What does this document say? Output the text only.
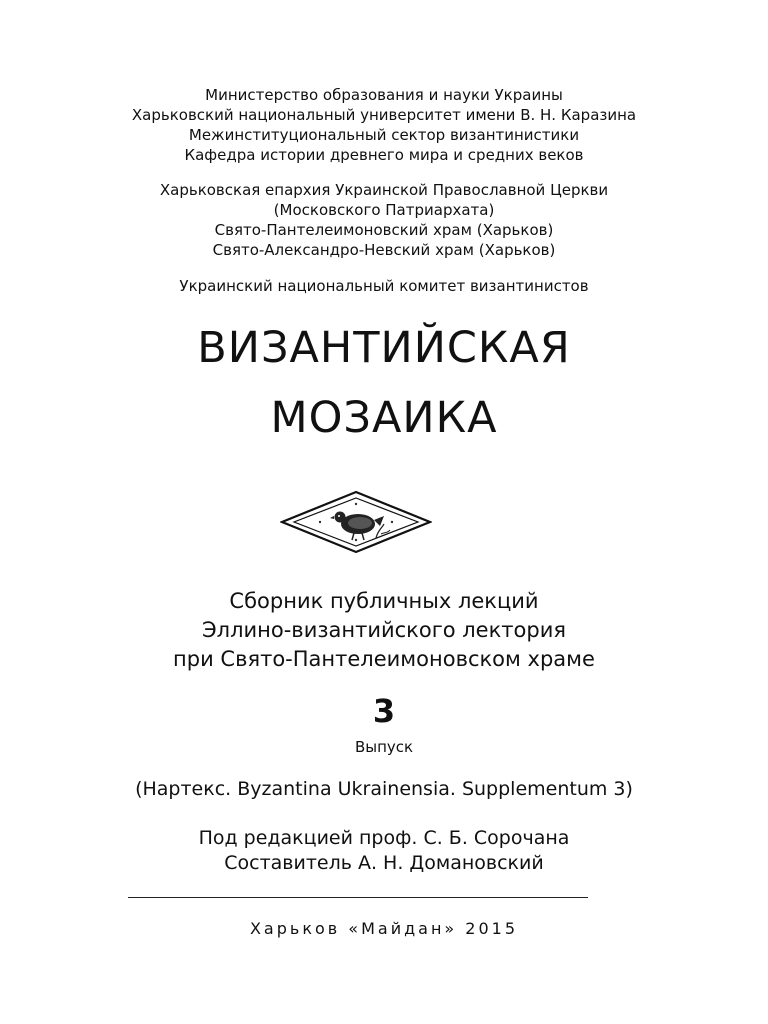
Министерство образования и науки Украины
Харьковский национальный университет имени В. Н. Каразина
Межинституциональный сектор византинистики
Кафедра истории древнего мира и средних веков
Харьковская епархия Украинской Православной Церкви
(Московского Патриархата)
Свято-Пантелеимоновский храм (Харьков)
Свято-Александро-Невский храм (Харьков)
Украинский национальный комитет византинистов
ВИЗАНТИЙСКАЯ
МОЗАИКА
Сборник публичных лекций
Эллино-византийского лектория
при Свято-Пантелеимоновском храме
3
Выпуск
(Нартекс. Byzantina Ukrainensia. Supplementum 3)
Под редакцией проф. С. Б. Сорочана
Составитель А. Н. Домановский
Харьков «Майдан» 2015
